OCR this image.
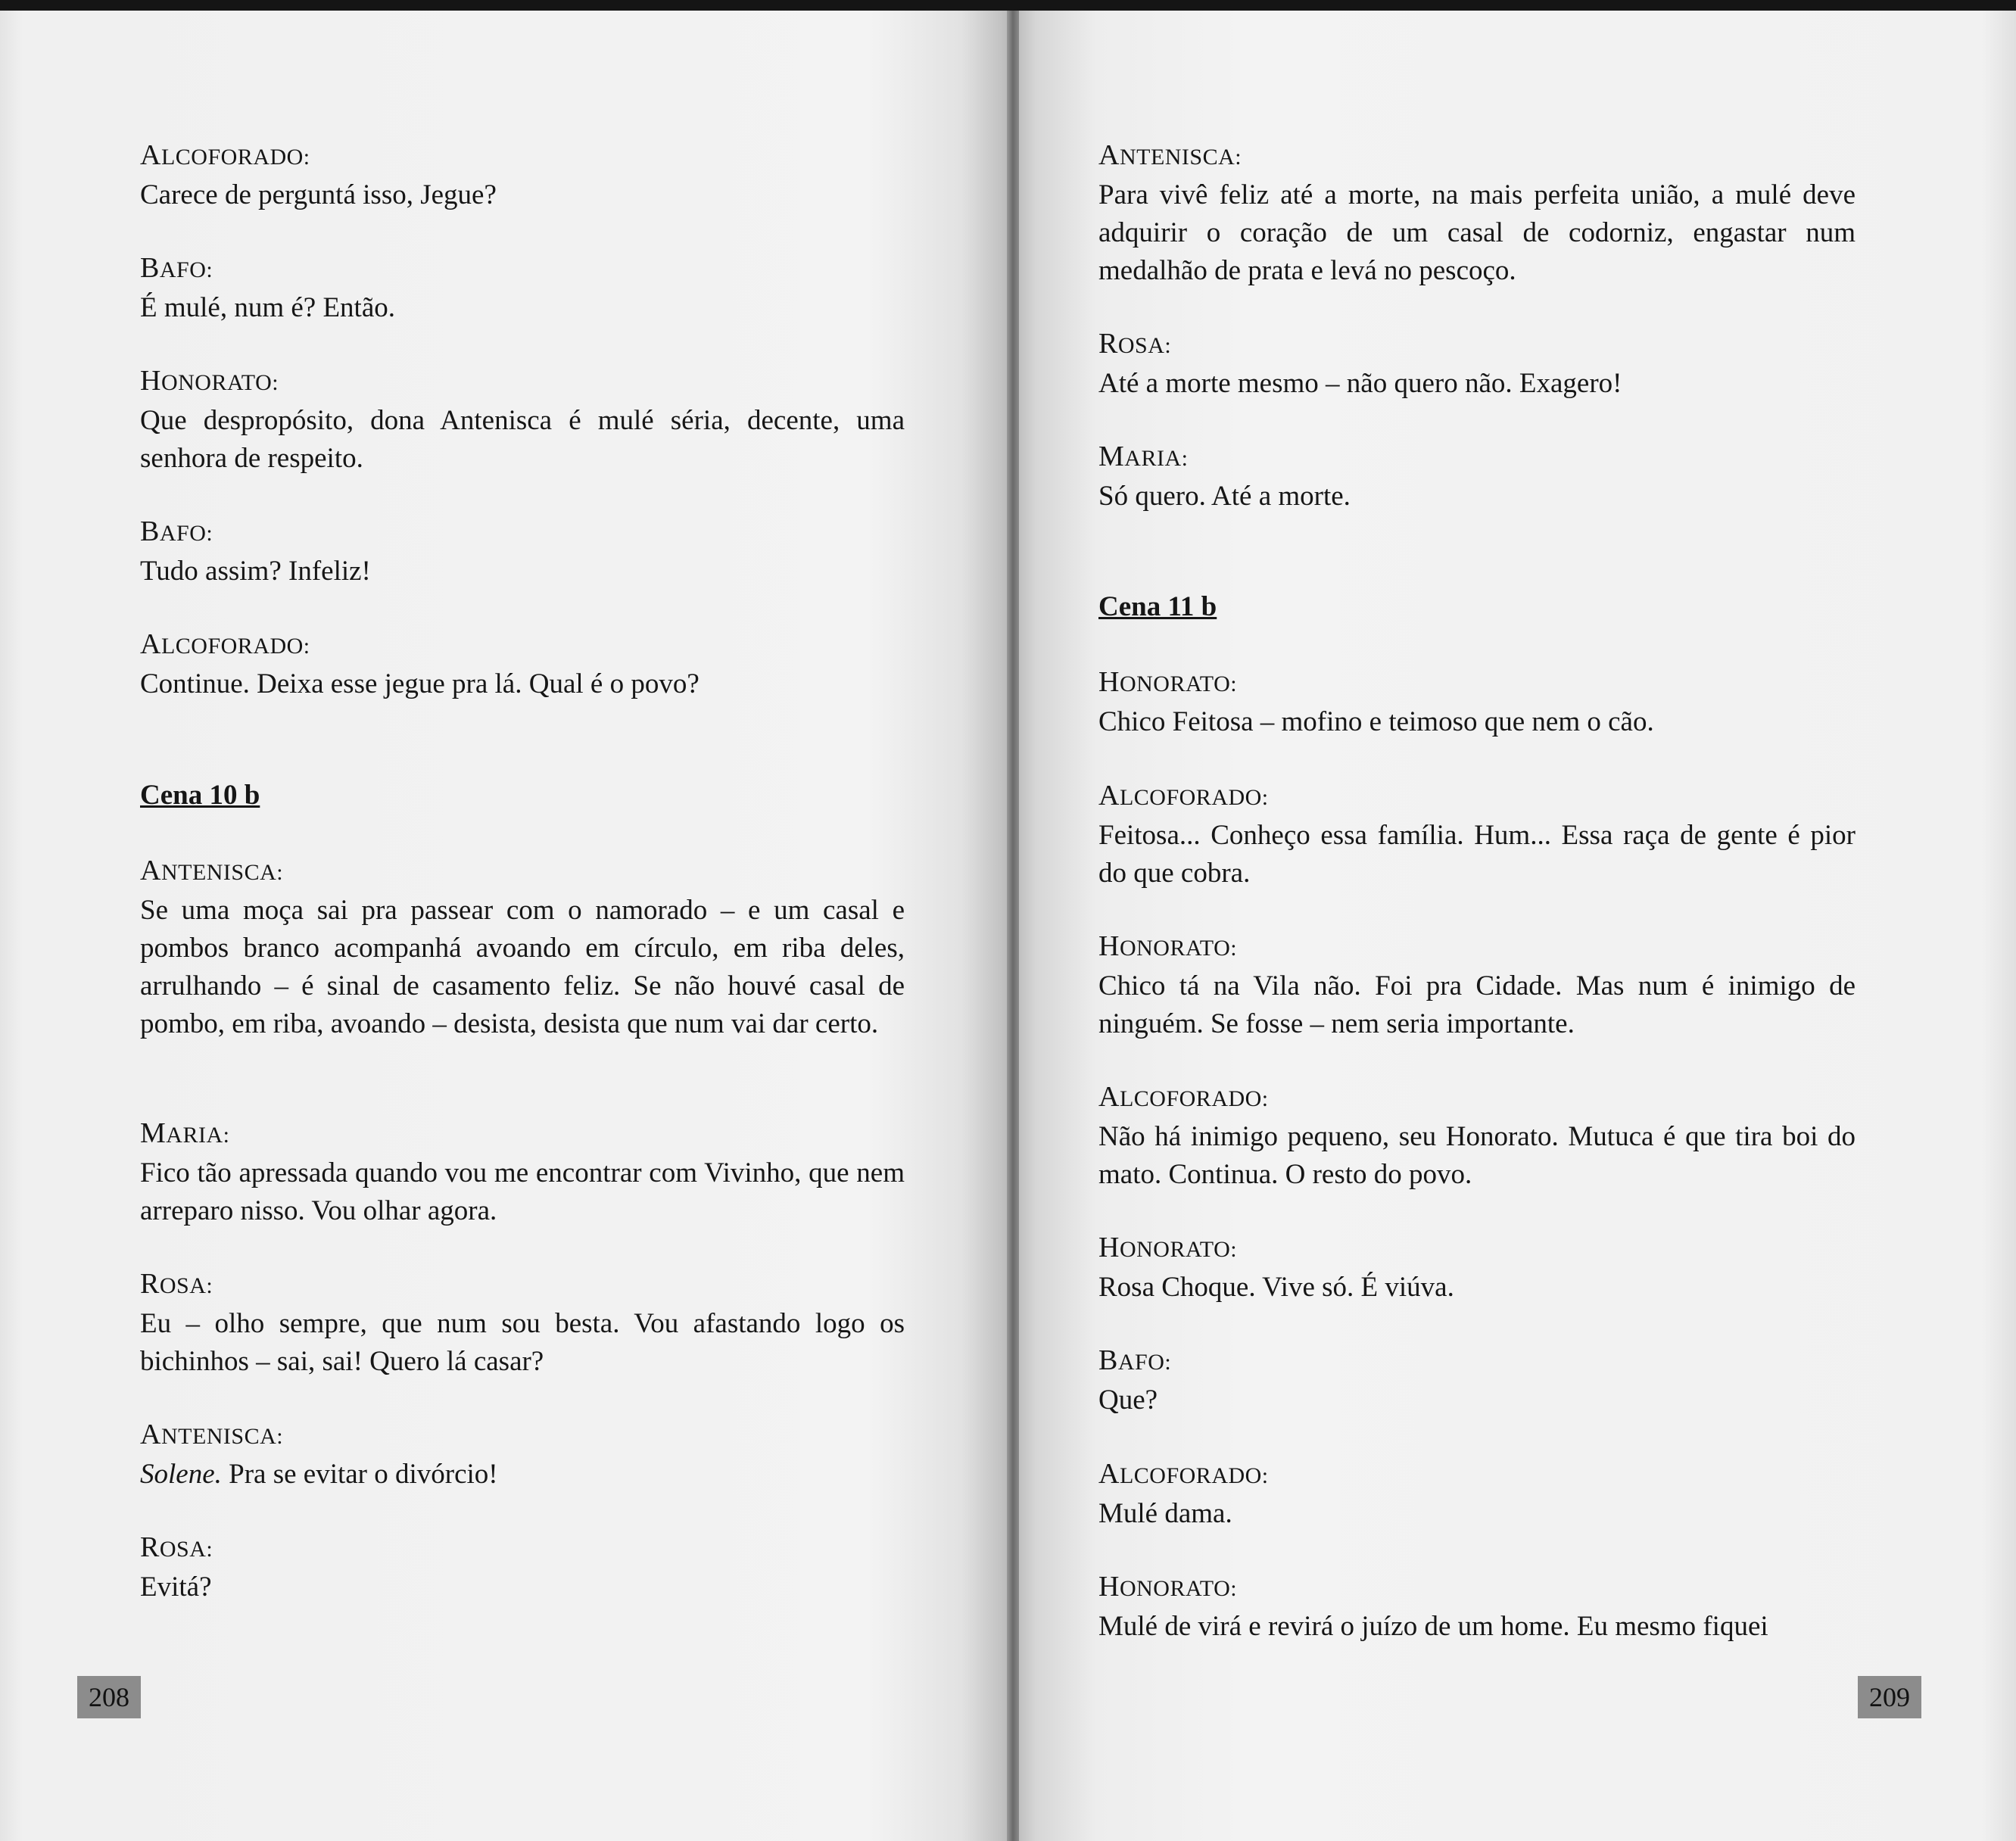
ALCOFORADO:
Carece de perguntá isso, Jegue?
BAFO:
É mulé, num é? Então.
HONORATO:
Que despropósito, dona Antenisca é mulé séria, decente, uma senhora de respeito.
BAFO:
Tudo assim? Infeliz!
ALCOFORADO:
Continue. Deixa esse jegue pra lá. Qual é o povo?
Cena 10 b
ANTENISCA:
Se uma moça sai pra passear com o namorado – e um casal e pombos branco acompanhá avoando em círculo, em riba deles, arrulhando – é sinal de casamento feliz. Se não houvé casal de pombo, em riba, avoando – desista, desista que num vai dar certo.
MARIA:
Fico tão apressada quando vou me encontrar com Vivinho, que nem arreparo nisso. Vou olhar agora.
ROSA:
Eu – olho sempre, que num sou besta. Vou afastando logo os bichinhos – sai, sai! Quero lá casar?
ANTENISCA:
Solene. Pra se evitar o divórcio!
ROSA:
Evitá?
208
ANTENISCA:
Para vivê feliz até a morte, na mais perfeita união, a mulé deve adquirir o coração de um casal de codorniz, engastar num medalhão de prata e levá no pescoço.
ROSA:
Até a morte mesmo – não quero não. Exagero!
MARIA:
Só quero. Até a morte.
Cena 11 b
HONORATO:
Chico Feitosa – mofino e teimoso que nem o cão.
ALCOFORADO:
Feitosa... Conheço essa família. Hum... Essa raça de gente é pior do que cobra.
HONORATO:
Chico tá na Vila não. Foi pra Cidade. Mas num é inimigo de ninguém. Se fosse – nem seria importante.
ALCOFORADO:
Não há inimigo pequeno, seu Honorato. Mutuca é que tira boi do mato. Continua. O resto do povo.
HONORATO:
Rosa Choque. Vive só. É viúva.
BAFO:
Que?
ALCOFORADO:
Mulé dama.
HONORATO:
Mulé de virá e revirá o juízo de um home. Eu mesmo fiquei
209
